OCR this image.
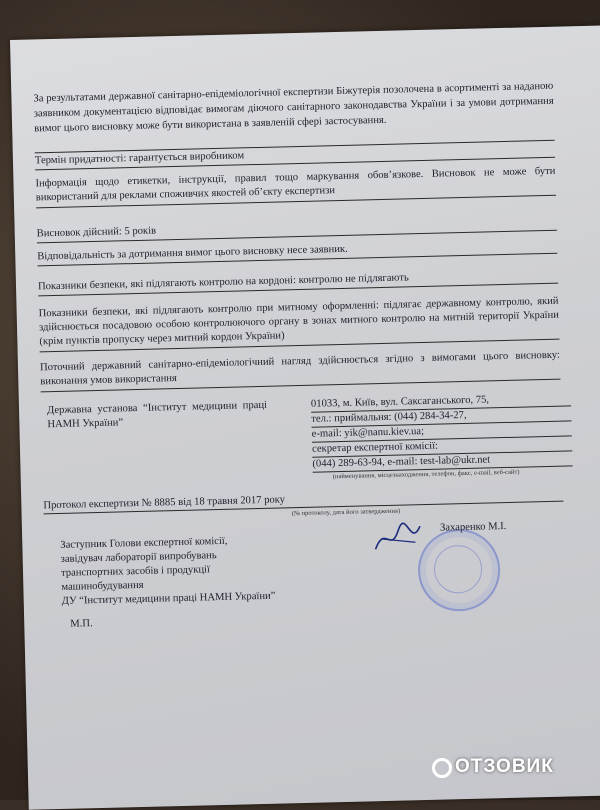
За результатами державної санітарно-епідеміологічної експертизи Біжутерія позолочена в асортименті за наданою заявником документацією відповідає вимогам діючого санітарного законодавства України і за умови дотримання вимог цього висновку може бути використана в заявленій сфері застосування.
Термін придатності: гарантується виробником
Інформація щодо етикетки, інструкції, правил тощо маркування обов’язкове. Висновок не може бути використаний для реклами споживчих якостей об’єкту експертизи
Висновок дійсний: 5 років
Відповідальність за дотримання вимог цього висновку несе заявник.
Показники безпеки, які підлягають контролю на кордоні: контролю не підлягають
Показники безпеки, які підлягають контролю при митному оформленні: підлягає державному контролю, який здійснюється посадовою особою контролюючого органу в зонах митного контролю на митній території України (крім пунктів пропуску через митний кордон України)
Поточний державний санітарно-епідеміологічний нагляд здійснюється згідно з вимогами цього висновку: виконання умов використання
Державна установа “Інститут медицини праці НАМН України”
01033, м. Київ, вул. Саксаганського, 75,
тел.: приймальня: (044) 284-34-27,
e-mail: yik@nanu.kiev.ua;
секретар експертної комісії:
(044) 289-63-94, e-mail: test-lab@ukr.net
(найменування, місцезнаходження, телефон, факс, e-mail, веб-сайт)
Протокол експертизи № 8885 від 18 травня 2017 року
(№ протоколу, дата його затвердження)
Заступник Голови експертної комісії,
завідувач лабораторії випробувань
транспортних засобів і продукції
машинобудування
ДУ “Інститут медицини праці НАМН України”
Захаренко М.І.
М.П.
ОТЗОВИК
